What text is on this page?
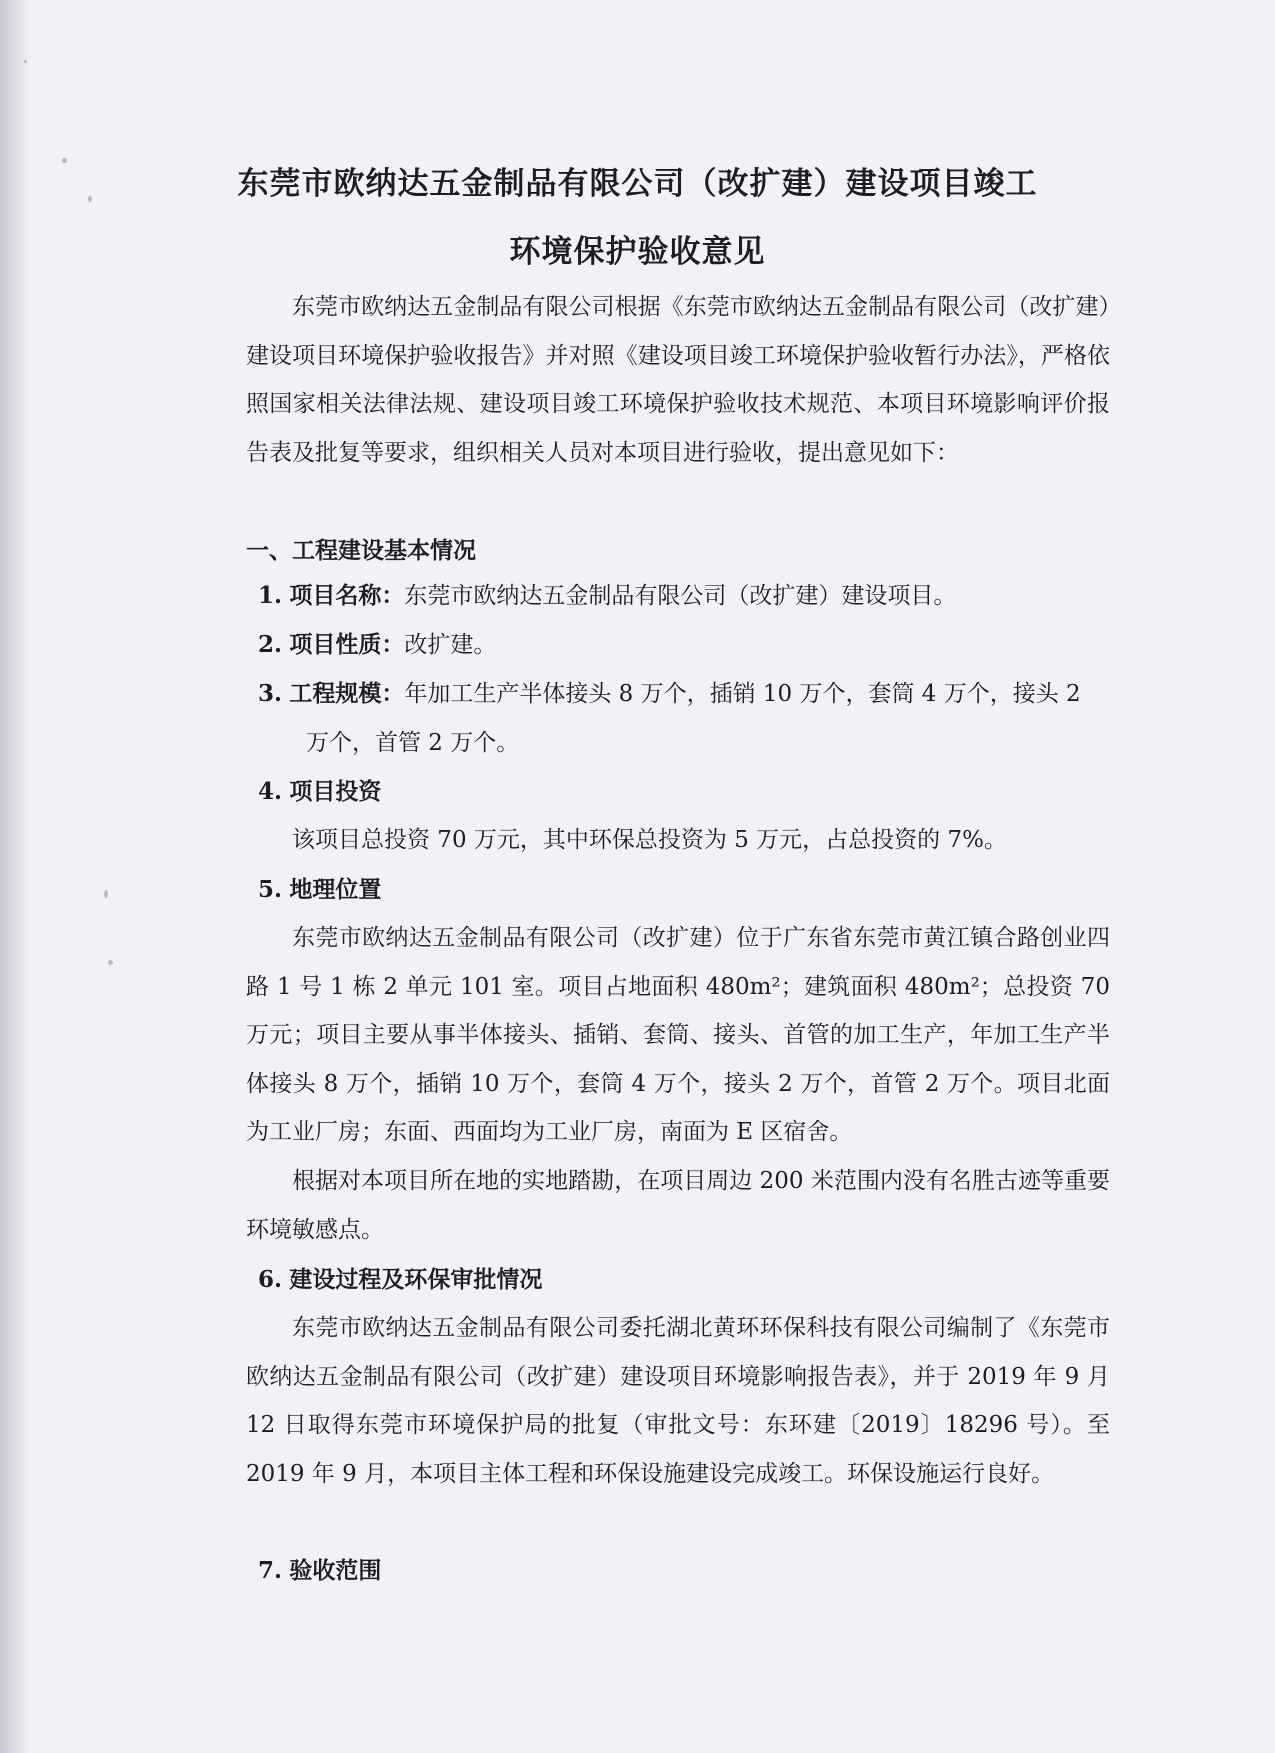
东莞市欧纳达五金制品有限公司（改扩建）建设项目竣工
环境保护验收意见

东莞市欧纳达五金制品有限公司根据《东莞市欧纳达五金制品有限公司（改扩建）建设项目环境保护验收报告》并对照《建设项目竣工环境保护验收暂行办法》，严格依照国家相关法律法规、建设项目竣工环境保护验收技术规范、本项目环境影响评价报告表及批复等要求，组织相关人员对本项目进行验收，提出意见如下：

一、工程建设基本情况

1. 项目名称：东莞市欧纳达五金制品有限公司（改扩建）建设项目。

2. 项目性质：改扩建。

3. 工程规模：年加工生产半体接头 8 万个，插销 10 万个，套筒 4 万个，接头 2
万个，首管 2 万个。

4. 项目投资

该项目总投资 70 万元，其中环保总投资为 5 万元，占总投资的 7%。

5. 地理位置

东莞市欧纳达五金制品有限公司（改扩建）位于广东省东莞市黄江镇合路创业四路 1 号 1 栋 2 单元 101 室。项目占地面积 480m²；建筑面积 480m²；总投资 70 万元；项目主要从事半体接头、插销、套筒、接头、首管的加工生产，年加工生产半体接头 8 万个，插销 10 万个，套筒 4 万个，接头 2 万个，首管 2 万个。项目北面为工业厂房；东面、西面均为工业厂房，南面为 E 区宿舍。

根据对本项目所在地的实地踏勘，在项目周边 200 米范围内没有名胜古迹等重要环境敏感点。

6. 建设过程及环保审批情况

东莞市欧纳达五金制品有限公司委托湖北黄环环保科技有限公司编制了《东莞市欧纳达五金制品有限公司（改扩建）建设项目环境影响报告表》，并于 2019 年 9 月 12 日取得东莞市环境保护局的批复（审批文号：东环建〔2019〕18296 号）。至 2019 年 9 月，本项目主体工程和环保设施建设完成竣工。环保设施运行良好。

7. 验收范围
